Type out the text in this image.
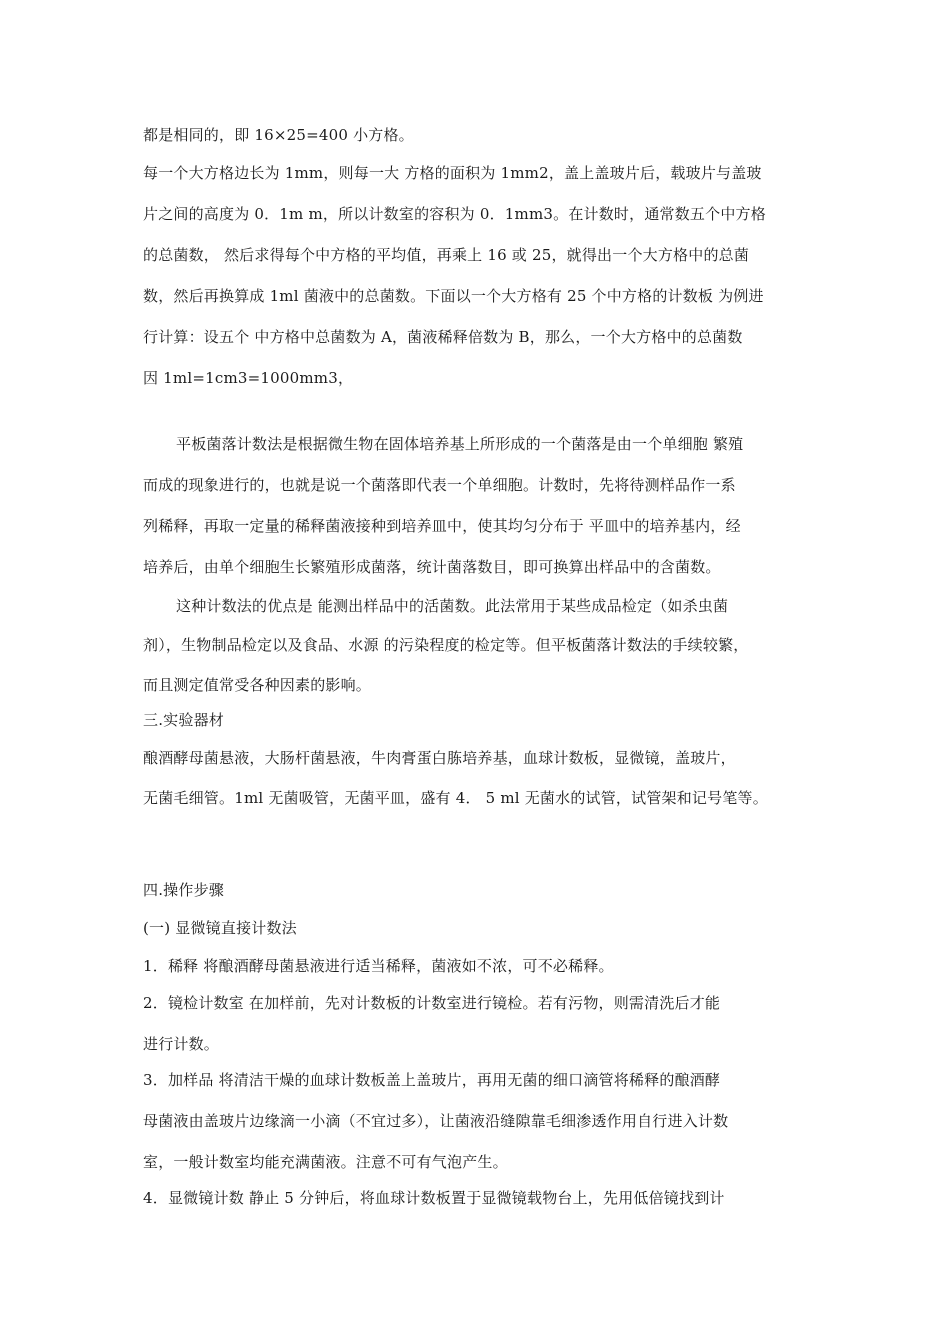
都是相同的，即 16×25=400 小方格。
每一个大方格边长为 1mm，则每一大 方格的面积为 1mm2，盖上盖玻片后，载玻片与盖玻
片之间的高度为 0．1m m，所以计数室的容积为 0．1mm3。在计数时，通常数五个中方格
的总菌数， 然后求得每个中方格的平均值，再乘上 16 或 25，就得出一个大方格中的总菌
数，然后再换算成 1ml 菌液中的总菌数。下面以一个大方格有 25 个中方格的计数板 为例进
行计算：设五个 中方格中总菌数为 A，菌液稀释倍数为 B，那么，一个大方格中的总菌数
因 1ml=1cm3=1000mm3，
平板菌落计数法是根据微生物在固体培养基上所形成的一个菌落是由一个单细胞 繁殖
而成的现象进行的，也就是说一个菌落即代表一个单细胞。计数时，先将待测样品作一系
列稀释，再取一定量的稀释菌液接种到培养皿中，使其均匀分布于 平皿中的培养基内，经
培养后，由单个细胞生长繁殖形成菌落，统计菌落数目，即可换算出样品中的含菌数。
这种计数法的优点是 能测出样品中的活菌数。此法常用于某些成品检定（如杀虫菌
剂），生物制品检定以及食品、水源 的污染程度的检定等。但平板菌落计数法的手续较繁，
而且测定值常受各种因素的影响。
三.实验器材
酿酒酵母菌悬液，大肠杆菌悬液，牛肉膏蛋白胨培养基，血球计数板，显微镜，盖玻片，
无菌毛细管。1ml 无菌吸管，无菌平皿，盛有 4． 5 ml 无菌水的试管，试管架和记号笔等。
四.操作步骤
(一) 显微镜直接计数法
1．稀释 将酿酒酵母菌悬液进行适当稀释，菌液如不浓，可不必稀释。
2．镜检计数室 在加样前，先对计数板的计数室进行镜检。若有污物，则需清洗后才能
进行计数。
3．加样品 将清洁干燥的血球计数板盖上盖玻片，再用无菌的细口滴管将稀释的酿酒酵
母菌液由盖玻片边缘滴一小滴（不宜过多），让菌液沿缝隙靠毛细渗透作用自行进入计数
室，一般计数室均能充满菌液。注意不可有气泡产生。
4．显微镜计数 静止 5 分钟后，将血球计数板置于显微镜载物台上，先用低倍镜找到计
